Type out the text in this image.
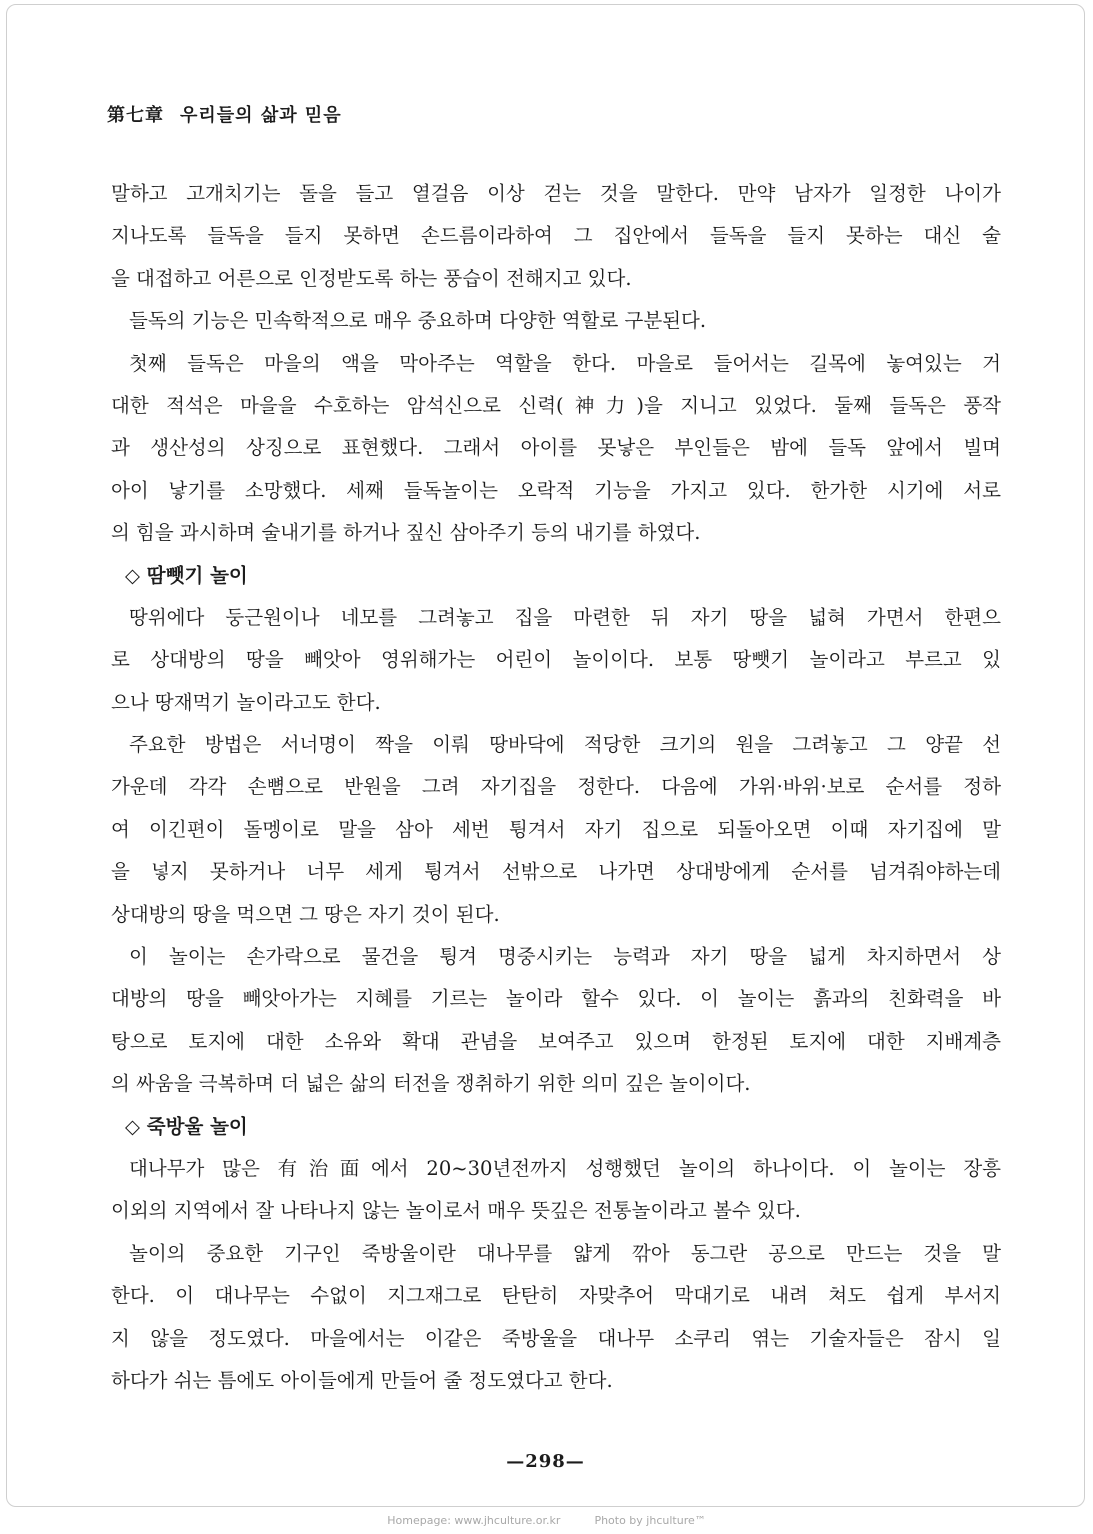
第七章 우리들의 삶과 믿음
말하고 고개치기는 돌을 들고 열걸음 이상 걷는 것을 말한다. 만약 남자가 일정한 나이가
지나도록 들독을 들지 못하면 손드름이라하여 그 집안에서 들독을 들지 못하는 대신 술
을 대접하고 어른으로 인정받도록 하는 풍습이 전해지고 있다.
들독의 기능은 민속학적으로 매우 중요하며 다양한 역할로 구분된다.
첫째 들독은 마을의 액을 막아주는 역할을 한다. 마을로 들어서는 길목에 놓여있는 거
대한 적석은 마을을 수호하는 암석신으로 신력(神力)을 지니고 있었다. 둘째 들독은 풍작
과 생산성의 상징으로 표현했다. 그래서 아이를 못낳은 부인들은 밤에 들독 앞에서 빌며
아이 낳기를 소망했다. 세째 들독놀이는 오락적 기능을 가지고 있다. 한가한 시기에 서로
의 힘을 과시하며 술내기를 하거나 짚신 삼아주기 등의 내기를 하였다.
◇ 땀뺏기 놀이
땅위에다 둥근원이나 네모를 그려놓고 집을 마련한 뒤 자기 땅을 넓혀 가면서 한편으
로 상대방의 땅을 빼앗아 영위해가는 어린이 놀이이다. 보통 땅뺏기 놀이라고 부르고 있
으나 땅재먹기 놀이라고도 한다.
주요한 방법은 서너명이 짝을 이뤄 땅바닥에 적당한 크기의 원을 그려놓고 그 양끝 선
가운데 각각 손뼘으로 반원을 그려 자기집을 정한다. 다음에 가위·바위·보로 순서를 정하
여 이긴편이 돌멩이로 말을 삼아 세번 튕겨서 자기 집으로 되돌아오면 이때 자기집에 말
을 넣지 못하거나 너무 세게 튕겨서 선밖으로 나가면 상대방에게 순서를 넘겨줘야하는데
상대방의 땅을 먹으면 그 땅은 자기 것이 된다.
이 놀이는 손가락으로 물건을 튕겨 명중시키는 능력과 자기 땅을 넓게 차지하면서 상
대방의 땅을 빼앗아가는 지혜를 기르는 놀이라 할수 있다. 이 놀이는 흙과의 친화력을 바
탕으로 토지에 대한 소유와 확대 관념을 보여주고 있으며 한정된 토지에 대한 지배계층
의 싸움을 극복하며 더 넓은 삶의 터전을 쟁취하기 위한 의미 깊은 놀이이다.
◇ 죽방울 놀이
대나무가 많은 有治面에서 20~30년전까지 성행했던 놀이의 하나이다. 이 놀이는 장흥
이외의 지역에서 잘 나타나지 않는 놀이로서 매우 뜻깊은 전통놀이라고 볼수 있다.
놀이의 중요한 기구인 죽방울이란 대나무를 얇게 깎아 동그란 공으로 만드는 것을 말
한다. 이 대나무는 수없이 지그재그로 탄탄히 자맞추어 막대기로 내려 쳐도 쉽게 부서지
지 않을 정도였다. 마을에서는 이같은 죽방울을 대나무 소쿠리 엮는 기술자들은 잠시 일
하다가 쉬는 틈에도 아이들에게 만들어 줄 정도였다고 한다.
—298—
Homepage: www.jhculture.or.kr	Photo by jhculture™
